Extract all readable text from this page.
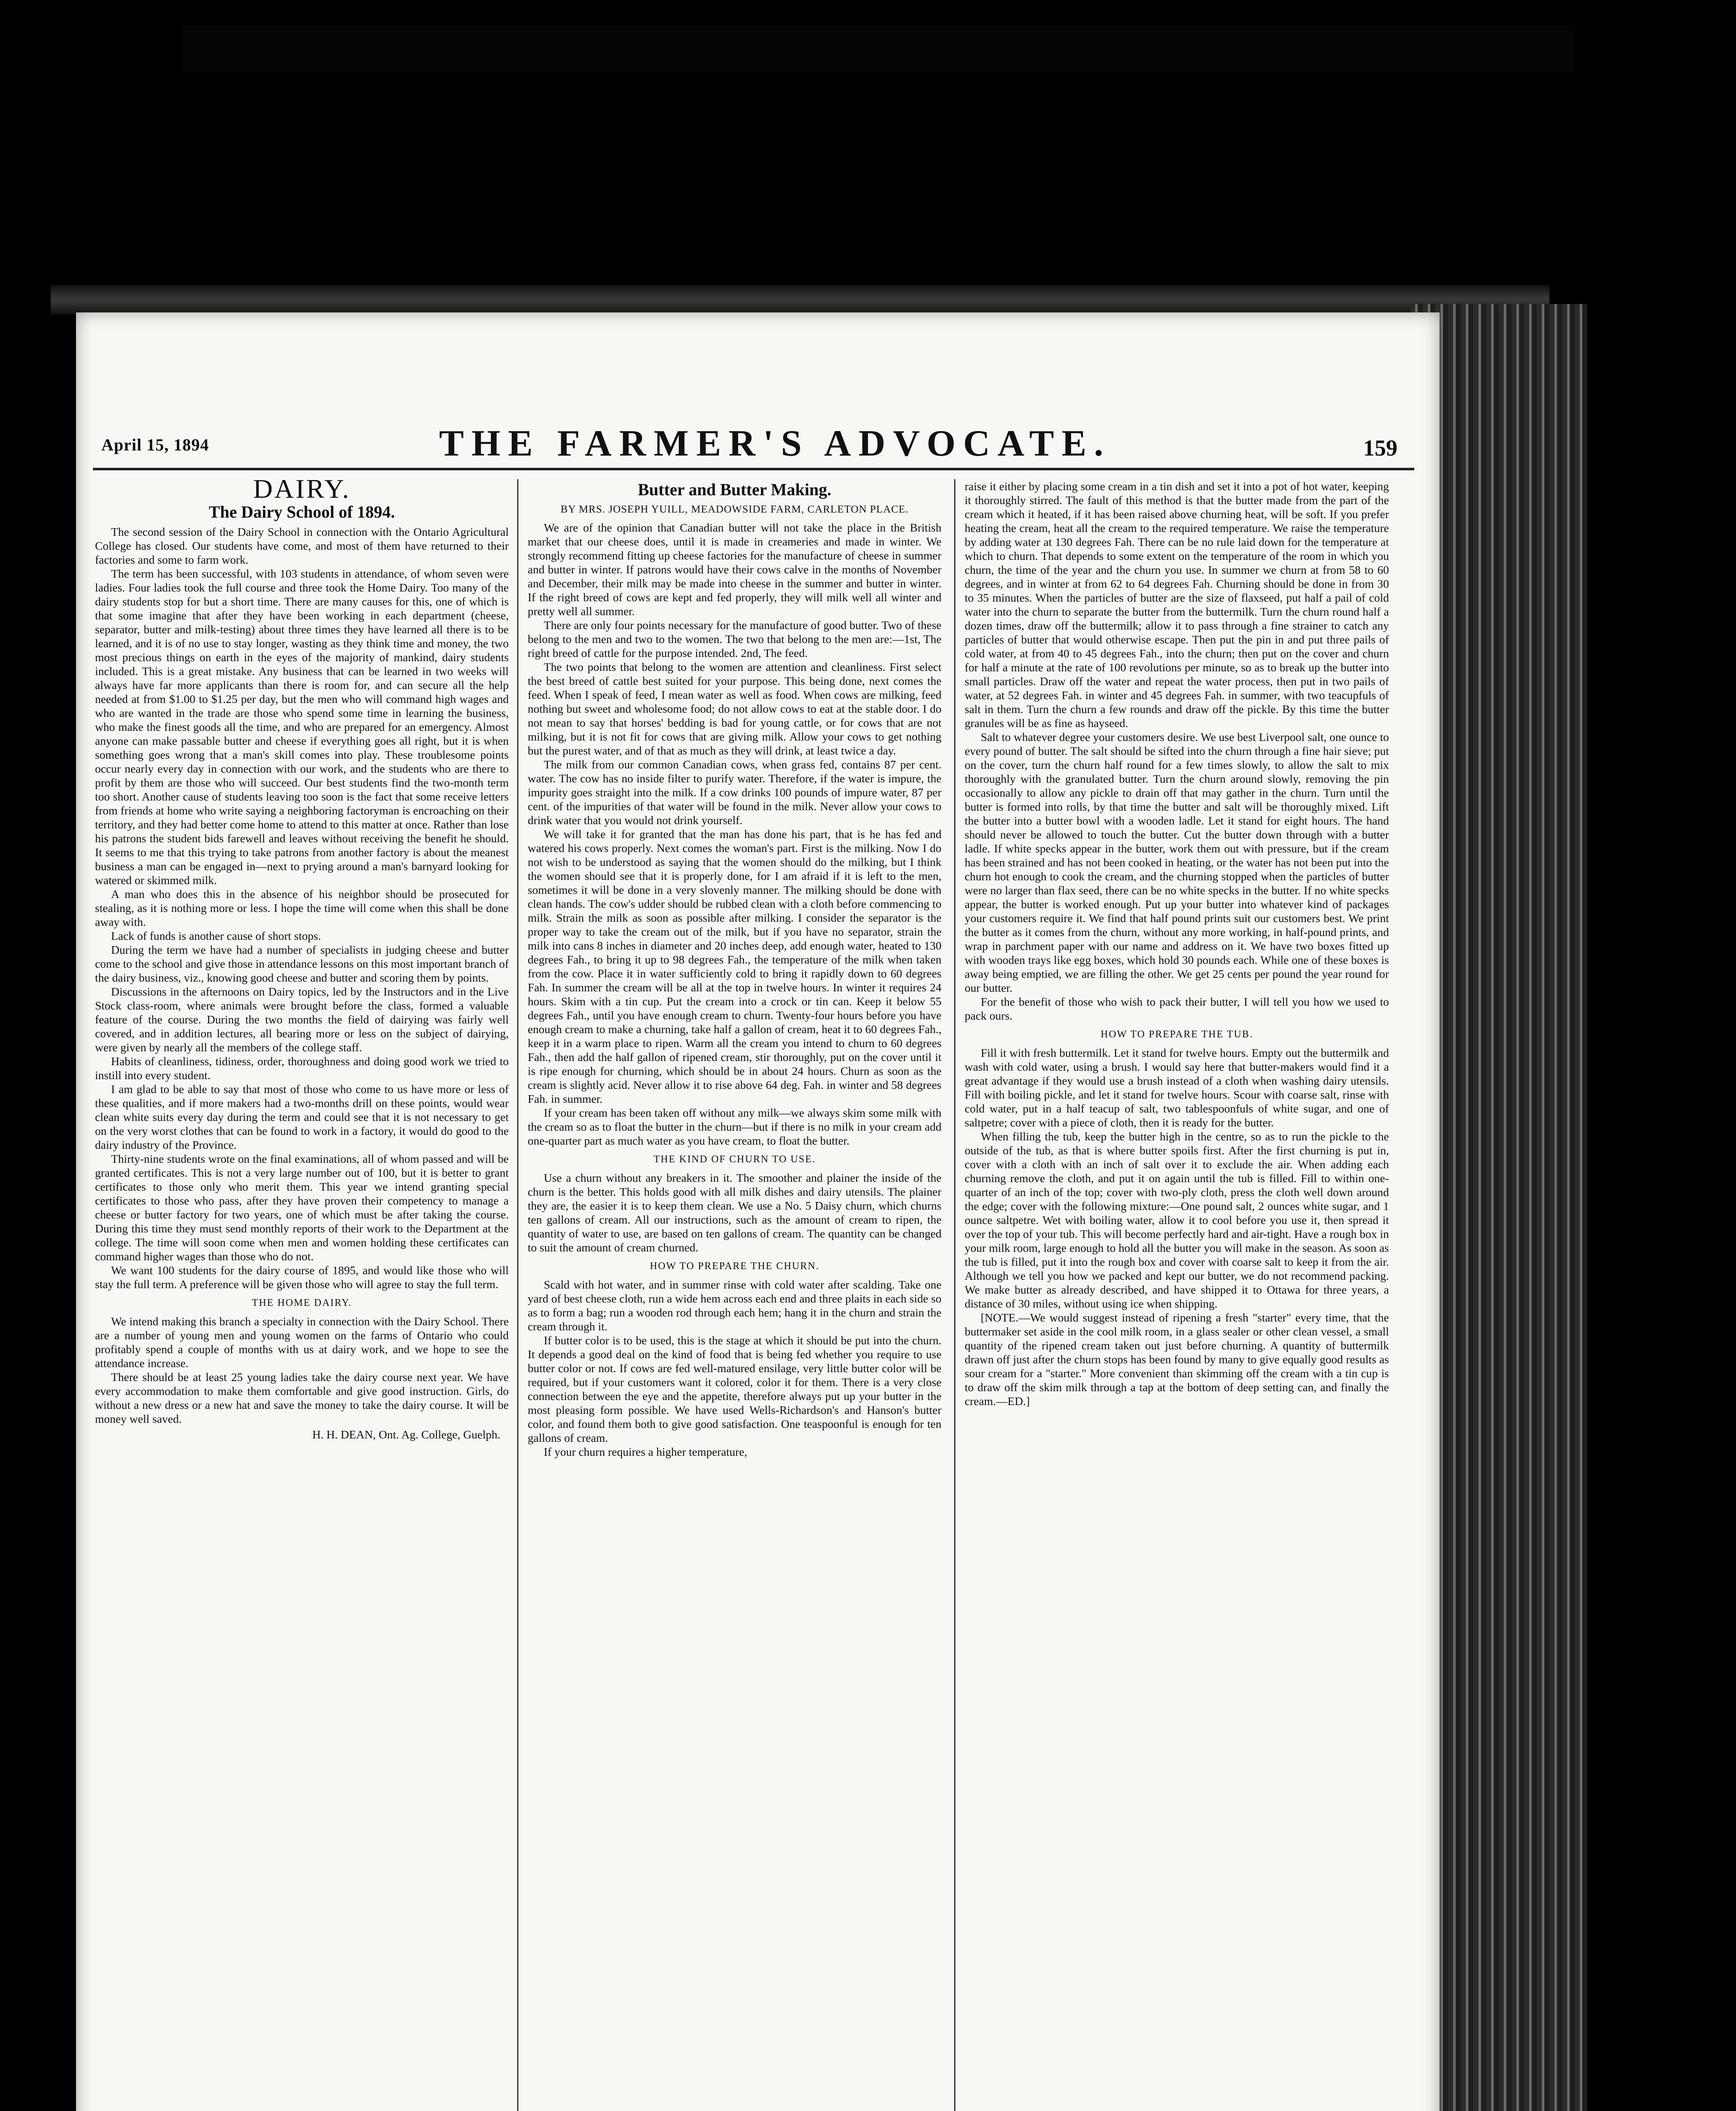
April 15, 1894	THE FARMER'S ADVOCATE.	159
DAIRY.
The Dairy School of 1894.

The second session of the Dairy School in connection with the Ontario Agricultural College has closed. Our students have come, and most of them have returned to their factories and some to farm work.

The term has been successful, with 103 students in attendance, of whom seven were ladies. Four ladies took the full course and three took the Home Dairy. Too many of the dairy students stop for but a short time. There are many causes for this, one of which is that some imagine that after they have been working in each department (cheese, separator, butter and milk-testing) about three times they have learned all there is to be learned, and it is of no use to stay longer, wasting as they think time and money, the two most precious things on earth in the eyes of the majority of mankind, dairy students included. This is a great mistake. Any business that can be learned in two weeks will always have far more applicants than there is room for, and can secure all the help needed at from $1.00 to $1.25 per day, but the men who will command high wages and who are wanted in the trade are those who spend some time in learning the business, who make the finest goods all the time, and who are prepared for an emergency. Almost anyone can make passable butter and cheese if everything goes all right, but it is when something goes wrong that a man's skill comes into play. These troublesome points occur nearly every day in connection with our work, and the students who are there to profit by them are those who will succeed. Our best students find the two-month term too short. Another cause of students leaving too soon is the fact that some receive letters from friends at home who write saying a neighboring factoryman is encroaching on their territory, and they had better come home to attend to this matter at once. Rather than lose his patrons the student bids farewell and leaves without receiving the benefit he should. It seems to me that this trying to take patrons from another factory is about the meanest business a man can be engaged in—next to prying around a man's barnyard looking for watered or skimmed milk.

A man who does this in the absence of his neighbor should be prosecuted for stealing, as it is nothing more or less. I hope the time will come when this shall be done away with.

Lack of funds is another cause of short stops.

During the term we have had a number of specialists in judging cheese and butter come to the school and give those in attendance lessons on this most important branch of the dairy business, viz., knowing good cheese and butter and scoring them by points.

Discussions in the afternoons on Dairy topics, led by the Instructors and in the Live Stock class-room, where animals were brought before the class, formed a valuable feature of the course. During the two months the field of dairying was fairly well covered, and in addition lectures, all bearing more or less on the subject of dairying, were given by nearly all the members of the college staff.

Habits of cleanliness, tidiness, order, thoroughness and doing good work we tried to instill into every student.

I am glad to be able to say that most of those who come to us have more or less of these qualities, and if more makers had a two-months drill on these points, would wear clean white suits every day during the term and could see that it is not necessary to get on the very worst clothes that can be found to work in a factory, it would do good to the dairy industry of the Province.

Thirty-nine students wrote on the final examinations, all of whom passed and will be granted certificates. This is not a very large number out of 100, but it is better to grant certificates to those only who merit them. This year we intend granting special certificates to those who pass, after they have proven their competency to manage a cheese or butter factory for two years, one of which must be after taking the course. During this time they must send monthly reports of their work to the Department at the college. The time will soon come when men and women holding these certificates can command higher wages than those who do not.

We want 100 students for the dairy course of 1895, and would like those who will stay the full term. A preference will be given those who will agree to stay the full term.

THE HOME DAIRY.

We intend making this branch a specialty in connection with the Dairy School. There are a number of young men and young women on the farms of Ontario who could profitably spend a couple of months with us at dairy work, and we hope to see the attendance increase.

There should be at least 25 young ladies take the dairy course next year. We have every accommodation to make them comfortable and give good instruction. Girls, do without a new dress or a new hat and save the money to take the dairy course. It will be money well saved.

H. H. DEAN, Ont. Ag. College, Guelph.
Butter and Butter Making.
BY MRS. JOSEPH YUILL, MEADOWSIDE FARM, CARLETON PLACE.

We are of the opinion that Canadian butter will not take the place in the British market that our cheese does, until it is made in creameries and made in winter. We strongly recommend fitting up cheese factories for the manufacture of cheese in summer and butter in winter. If patrons would have their cows calve in the months of November and December, their milk may be made into cheese in the summer and butter in winter. If the right breed of cows are kept and fed properly, they will milk well all winter and pretty well all summer.

There are only four points necessary for the manufacture of good butter. Two of these belong to the men and two to the women. The two that belong to the men are:—1st, The right breed of cattle for the purpose intended. 2nd, The feed.

The two points that belong to the women are attention and cleanliness. First select the best breed of cattle best suited for your purpose. This being done, next comes the feed. When I speak of feed, I mean water as well as food. When cows are milking, feed nothing but sweet and wholesome food; do not allow cows to eat at the stable door. I do not mean to say that horses' bedding is bad for young cattle, or for cows that are not milking, but it is not fit for cows that are giving milk. Allow your cows to get nothing but the purest water, and of that as much as they will drink, at least twice a day.

The milk from our common Canadian cows, when grass fed, contains 87 per cent. water. The cow has no inside filter to purify water. Therefore, if the water is impure, the impurity goes straight into the milk. If a cow drinks 100 pounds of impure water, 87 per cent. of the impurities of that water will be found in the milk. Never allow your cows to drink water that you would not drink yourself.

We will take it for granted that the man has done his part, that is he has fed and watered his cows properly. Next comes the woman's part. First is the milking. Now I do not wish to be understood as saying that the women should do the milking, but I think the women should see that it is properly done, for I am afraid if it is left to the men, sometimes it will be done in a very slovenly manner. The milking should be done with clean hands. The cow's udder should be rubbed clean with a cloth before commencing to milk. Strain the milk as soon as possible after milking. I consider the separator is the proper way to take the cream out of the milk, but if you have no separator, strain the milk into cans 8 inches in diameter and 20 inches deep, add enough water, heated to 130 degrees Fah., to bring it up to 98 degrees Fah., the temperature of the milk when taken from the cow. Place it in water sufficiently cold to bring it rapidly down to 60 degrees Fah. In summer the cream will be all at the top in twelve hours. In winter it requires 24 hours. Skim with a tin cup. Put the cream into a crock or tin can. Keep it below 55 degrees Fah., until you have enough cream to churn. Twenty-four hours before you have enough cream to make a churning, take half a gallon of cream, heat it to 60 degrees Fah., keep it in a warm place to ripen. Warm all the cream you intend to churn to 60 degrees Fah., then add the half gallon of ripened cream, stir thoroughly, put on the cover until it is ripe enough for churning, which should be in about 24 hours. Churn as soon as the cream is slightly acid. Never allow it to rise above 64 deg. Fah. in winter and 58 degrees Fah. in summer.

If your cream has been taken off without any milk—we always skim some milk with the cream so as to float the butter in the churn—but if there is no milk in your cream add one-quarter part as much water as you have cream, to float the butter.

THE KIND OF CHURN TO USE.

Use a churn without any breakers in it. The smoother and plainer the inside of the churn is the better. This holds good with all milk dishes and dairy utensils. The plainer they are, the easier it is to keep them clean. We use a No. 5 Daisy churn, which churns ten gallons of cream. All our instructions, such as the amount of cream to ripen, the quantity of water to use, are based on ten gallons of cream. The quantity can be changed to suit the amount of cream churned.

HOW TO PREPARE THE CHURN.

Scald with hot water, and in summer rinse with cold water after scalding. Take one yard of best cheese cloth, run a wide hem across each end and three plaits in each side so as to form a bag; run a wooden rod through each hem; hang it in the churn and strain the cream through it.

If butter color is to be used, this is the stage at which it should be put into the churn. It depends a good deal on the kind of food that is being fed whether you require to use butter color or not. If cows are fed well-matured ensilage, very little butter color will be required, but if your customers want it colored, color it for them. There is a very close connection between the eye and the appetite, therefore always put up your butter in the most pleasing form possible. We have used Wells-Richardson's and Hanson's butter color, and found them both to give good satisfaction. One teaspoonful is enough for ten gallons of cream.

If your churn requires a higher temperature,

raise it either by placing some cream in a tin dish and set it into a pot of hot water, keeping it thoroughly stirred. The fault of this method is that the butter made from the part of the cream which it heated, if it has been raised above churning heat, will be soft. If you prefer heating the cream, heat all the cream to the required temperature. We raise the temperature by adding water at 130 degrees Fah. There can be no rule laid down for the temperature at which to churn. That depends to some extent on the temperature of the room in which you churn, the time of the year and the churn you use. In summer we churn at from 58 to 60 degrees, and in winter at from 62 to 64 degrees Fah. Churning should be done in from 30 to 35 minutes. When the particles of butter are the size of flaxseed, put half a pail of cold water into the churn to separate the butter from the buttermilk. Turn the churn round half a dozen times, draw off the buttermilk; allow it to pass through a fine strainer to catch any particles of butter that would otherwise escape. Then put the pin in and put three pails of cold water, at from 40 to 45 degrees Fah., into the churn; then put on the cover and churn for half a minute at the rate of 100 revolutions per minute, so as to break up the butter into small particles. Draw off the water and repeat the water process, then put in two pails of water, at 52 degrees Fah. in winter and 45 degrees Fah. in summer, with two teacupfuls of salt in them. Turn the churn a few rounds and draw off the pickle. By this time the butter granules will be as fine as hayseed.

Salt to whatever degree your customers desire. We use best Liverpool salt, one ounce to every pound of butter. The salt should be sifted into the churn through a fine hair sieve; put on the cover, turn the churn half round for a few times slowly, to allow the salt to mix thoroughly with the granulated butter. Turn the churn around slowly, removing the pin occasionally to allow any pickle to drain off that may gather in the churn. Turn until the butter is formed into rolls, by that time the butter and salt will be thoroughly mixed. Lift the butter into a butter bowl with a wooden ladle. Let it stand for eight hours. The hand should never be allowed to touch the butter. Cut the butter down through with a butter ladle. If white specks appear in the butter, work them out with pressure, but if the cream has been strained and has not been cooked in heating, or the water has not been put into the churn hot enough to cook the cream, and the churning stopped when the particles of butter were no larger than flax seed, there can be no white specks in the butter. If no white specks appear, the butter is worked enough. Put up your butter into whatever kind of packages your customers require it. We find that half pound prints suit our customers best. We print the butter as it comes from the churn, without any more working, in half-pound prints, and wrap in parchment paper with our name and address on it. We have two boxes fitted up with wooden trays like egg boxes, which hold 30 pounds each. While one of these boxes is away being emptied, we are filling the other. We get 25 cents per pound the year round for our butter.

For the benefit of those who wish to pack their butter, I will tell you how we used to pack ours.

HOW TO PREPARE THE TUB.

Fill it with fresh buttermilk. Let it stand for twelve hours. Empty out the buttermilk and wash with cold water, using a brush. I would say here that butter-makers would find it a great advantage if they would use a brush instead of a cloth when washing dairy utensils. Fill with boiling pickle, and let it stand for twelve hours. Scour with coarse salt, rinse with cold water, put in a half teacup of salt, two tablespoonfuls of white sugar, and one of saltpetre; cover with a piece of cloth, then it is ready for the butter.

When filling the tub, keep the butter high in the centre, so as to run the pickle to the outside of the tub, as that is where butter spoils first. After the first churning is put in, cover with a cloth with an inch of salt over it to exclude the air. When adding each churning remove the cloth, and put it on again until the tub is filled. Fill to within one-quarter of an inch of the top; cover with two-ply cloth, press the cloth well down around the edge; cover with the following mixture:—One pound salt, 2 ounces white sugar, and 1 ounce saltpetre. Wet with boiling water, allow it to cool before you use it, then spread it over the top of your tub. This will become perfectly hard and air-tight. Have a rough box in your milk room, large enough to hold all the butter you will make in the season. As soon as the tub is filled, put it into the rough box and cover with coarse salt to keep it from the air. Although we tell you how we packed and kept our butter, we do not recommend packing. We make butter as already described, and have shipped it to Ottawa for three years, a distance of 30 miles, without using ice when shipping.

[NOTE.—We would suggest instead of ripening a fresh "starter" every time, that the buttermaker set aside in the cool milk room, in a glass sealer or other clean vessel, a small quantity of the ripened cream taken out just before churning. A quantity of buttermilk drawn off just after the churn stops has been found by many to give equally good results as sour cream for a "starter." More convenient than skimming off the cream with a tin cup is to draw off the skim milk through a tap at the bottom of deep setting can, and finally the cream.—ED.]
